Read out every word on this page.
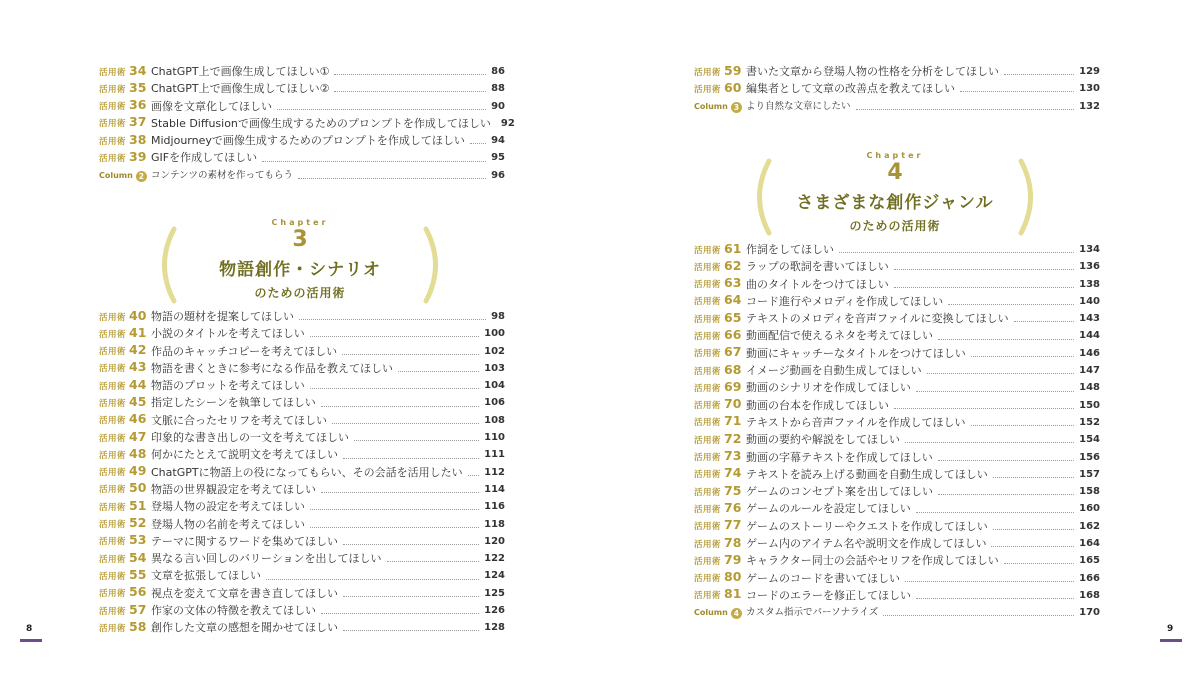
活用術 34 ChatGPT上で画像生成してほしい①	86
活用術 35 ChatGPT上で画像生成してほしい②	88
活用術 36 画像を文章化してほしい	90
活用術 37 Stable Diffusionで画像生成するためのプロンプトを作成してほしい 92
活用術 38 Midjourneyで画像生成するためのプロンプトを作成してほしい	94
活用術 39 GIFを作成してほしい	95
Column 2 コンテンツの素材を作ってもらう	96
Chapter
3
物語創作・シナリオ
のための活用術
活用術 40 物語の題材を提案してほしい	98
活用術 41 小説のタイトルを考えてほしい	100
活用術 42 作品のキャッチコピーを考えてほしい	102
活用術 43 物語を書くときに参考になる作品を教えてほしい	103
活用術 44 物語のプロットを考えてほしい	104
活用術 45 指定したシーンを執筆してほしい	106
活用術 46 文脈に合ったセリフを考えてほしい	108
活用術 47 印象的な書き出しの一文を考えてほしい	110
活用術 48 何かにたとえて説明文を考えてほしい	111
活用術 49 ChatGPTに物語上の役になってもらい、その会話を活用したい 112
活用術 50 物語の世界観設定を考えてほしい	114
活用術 51 登場人物の設定を考えてほしい	116
活用術 52 登場人物の名前を考えてほしい	118
活用術 53 テーマに関するワードを集めてほしい	120
活用術 54 異なる言い回しのバリーションを出してほしい	122
活用術 55 文章を拡張してほしい	124
活用術 56 視点を変えて文章を書き直してほしい	125
活用術 57 作家の文体の特徴を教えてほしい	126
活用術 58 創作した文章の感想を聞かせてほしい	128
8
活用術 59 書いた文章から登場人物の性格を分析をしてほしい	129
活用術 60 編集者として文章の改善点を教えてほしい	130
Column 3 より自然な文章にしたい	132
Chapter
4
さまざまな創作ジャンル
のための活用術
活用術 61 作詞をしてほしい	134
活用術 62 ラップの歌詞を書いてほしい	136
活用術 63 曲のタイトルをつけてほしい	138
活用術 64 コード進行やメロディを作成してほしい	140
活用術 65 テキストのメロディを音声ファイルに変換してほしい	143
活用術 66 動画配信で使えるネタを考えてほしい	144
活用術 67 動画にキャッチーなタイトルをつけてほしい	146
活用術 68 イメージ動画を自動生成してほしい	147
活用術 69 動画のシナリオを作成してほしい	148
活用術 70 動画の台本を作成してほしい	150
活用術 71 テキストから音声ファイルを作成してほしい	152
活用術 72 動画の要約や解説をしてほしい	154
活用術 73 動画の字幕テキストを作成してほしい	156
活用術 74 テキストを読み上げる動画を自動生成してほしい	157
活用術 75 ゲームのコンセプト案を出してほしい	158
活用術 76 ゲームのルールを設定してほしい	160
活用術 77 ゲームのストーリーやクエストを作成してほしい	162
活用術 78 ゲーム内のアイテム名や説明文を作成してほしい	164
活用術 79 キャラクター同士の会話やセリフを作成してほしい	165
活用術 80 ゲームのコードを書いてほしい	166
活用術 81 コードのエラーを修正してほしい	168
Column 4 カスタム指示でパーソナライズ	170
9
